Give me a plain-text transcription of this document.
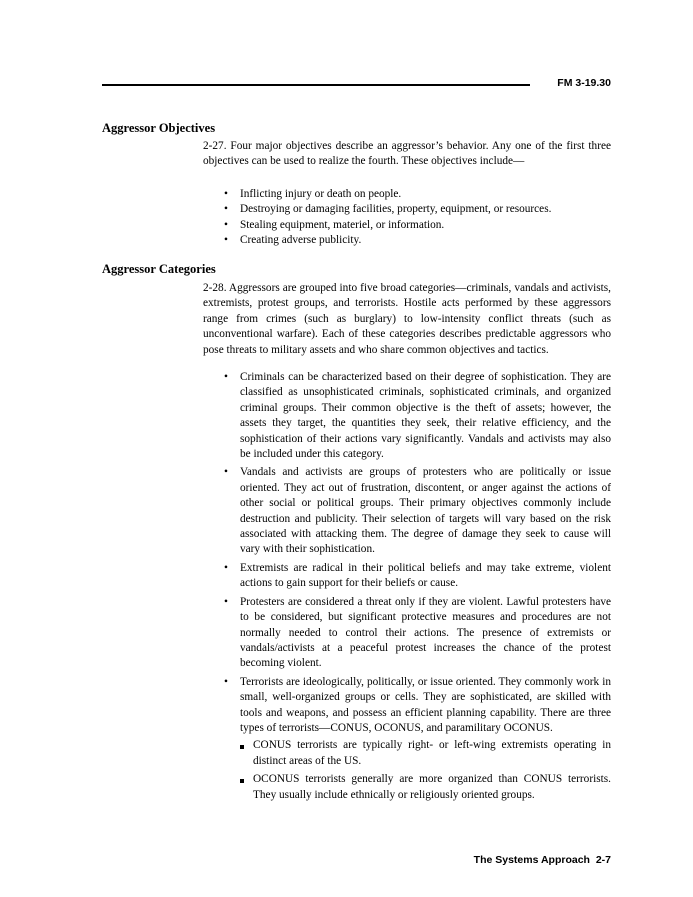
FM 3-19.30
Aggressor Objectives

2-27. Four major objectives describe an aggressor’s behavior. Any one of the first three objectives can be used to realize the fourth. These objectives include—

• Inflicting injury or death on people.
• Destroying or damaging facilities, property, equipment, or resources.
• Stealing equipment, materiel, or information.
• Creating adverse publicity.
Aggressor Categories

2-28. Aggressors are grouped into five broad categories—criminals, vandals and activists, extremists, protest groups, and terrorists. Hostile acts performed by these aggressors range from crimes (such as burglary) to low-intensity conflict threats (such as unconventional warfare). Each of these categories describes predictable aggressors who pose threats to military assets and who share common objectives and tactics.

• Criminals can be characterized based on their degree of sophistication. They are classified as unsophisticated criminals, sophisticated criminals, and organized criminal groups. Their common objective is the theft of assets; however, the assets they target, the quantities they seek, their relative efficiency, and the sophistication of their actions vary significantly. Vandals and activists may also be included under this category.
• Vandals and activists are groups of protesters who are politically or issue oriented. They act out of frustration, discontent, or anger against the actions of other social or political groups. Their primary objectives commonly include destruction and publicity. Their selection of targets will vary based on the risk associated with attacking them. The degree of damage they seek to cause will vary with their sophistication.
• Extremists are radical in their political beliefs and may take extreme, violent actions to gain support for their beliefs or cause.
• Protesters are considered a threat only if they are violent. Lawful protesters have to be considered, but significant protective measures and procedures are not normally needed to control their actions. The presence of extremists or vandals/activists at a peaceful protest increases the chance of the protest becoming violent.
• Terrorists are ideologically, politically, or issue oriented. They commonly work in small, well-organized groups or cells. They are sophisticated, are skilled with tools and weapons, and possess an efficient planning capability. There are three types of terrorists—CONUS, OCONUS, and paramilitary OCONUS.
CONUS terrorists are typically right- or left-wing extremists operating in distinct areas of the US.
OCONUS terrorists generally are more organized than CONUS terrorists. They usually include ethnically or religiously oriented groups.
The Systems Approach 2-7
